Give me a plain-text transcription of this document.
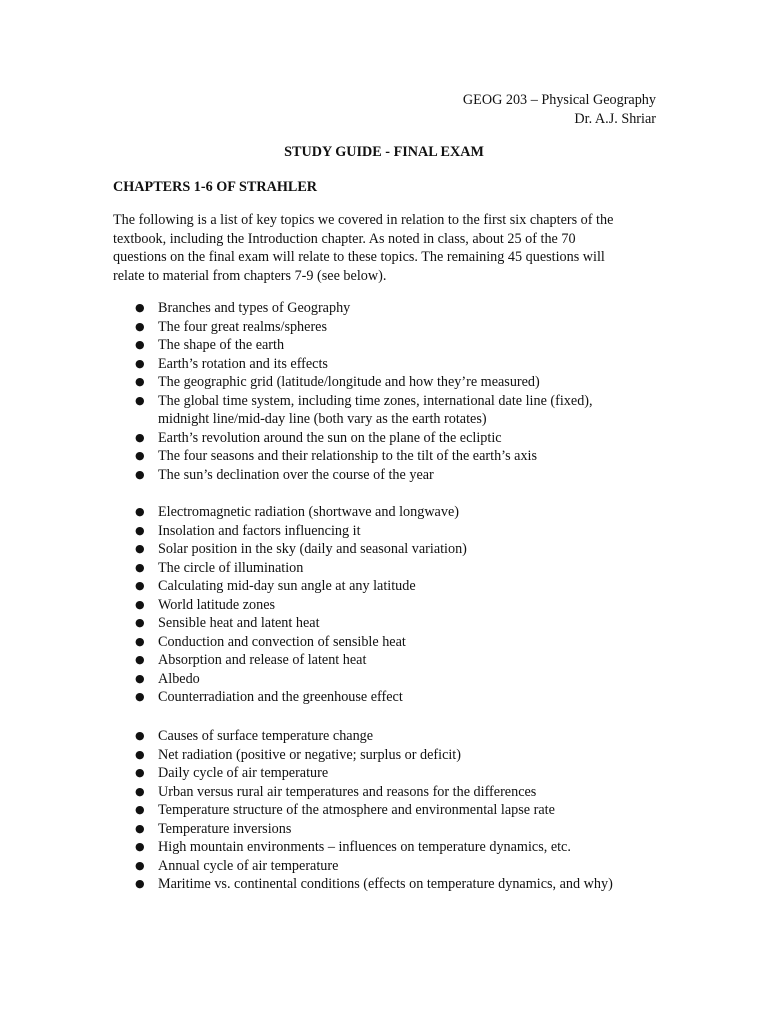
GEOG 203 – Physical Geography
Dr. A.J. Shriar
STUDY GUIDE - FINAL EXAM
CHAPTERS 1-6 OF STRAHLER
The following is a list of key topics we covered in relation to the first six chapters of the
textbook, including the Introduction chapter. As noted in class, about 25 of the 70
questions on the final exam will relate to these topics. The remaining 45 questions will
relate to material from chapters 7-9 (see below).
● Branches and types of Geography
● The four great realms/spheres
● The shape of the earth
● Earth’s rotation and its effects
● The geographic grid (latitude/longitude and how they’re measured)
● The global time system, including time zones, international date line (fixed),
midnight line/mid-day line (both vary as the earth rotates)
● Earth’s revolution around the sun on the plane of the ecliptic
● The four seasons and their relationship to the tilt of the earth’s axis
● The sun’s declination over the course of the year
● Electromagnetic radiation (shortwave and longwave)
● Insolation and factors influencing it
● Solar position in the sky (daily and seasonal variation)
● The circle of illumination
● Calculating mid-day sun angle at any latitude
● World latitude zones
● Sensible heat and latent heat
● Conduction and convection of sensible heat
● Absorption and release of latent heat
● Albedo
● Counterradiation and the greenhouse effect
● Causes of surface temperature change
● Net radiation (positive or negative; surplus or deficit)
● Daily cycle of air temperature
● Urban versus rural air temperatures and reasons for the differences
● Temperature structure of the atmosphere and environmental lapse rate
● Temperature inversions
● High mountain environments – influences on temperature dynamics, etc.
● Annual cycle of air temperature
● Maritime vs. continental conditions (effects on temperature dynamics, and why)
